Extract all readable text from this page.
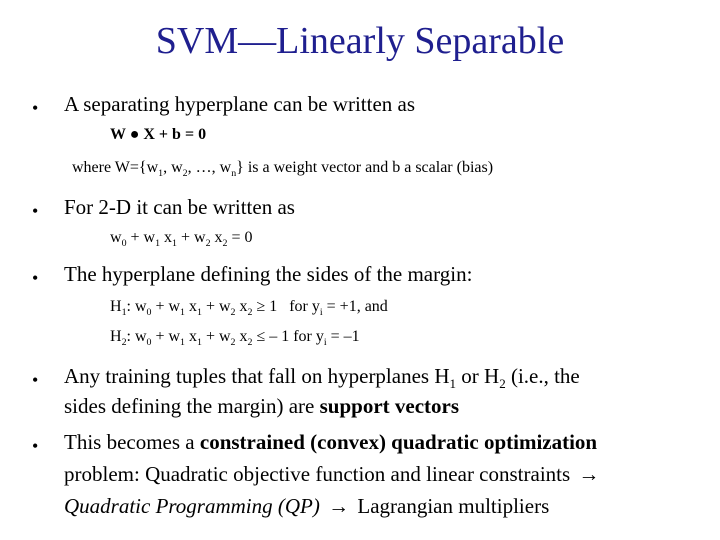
SVM—Linearly Separable
• A separating hyperplane can be written as
W ● X + b = 0
where $W=\{w_1$, $w_2$, …, $w_n$} is a weight vector and b a scalar (bias)
• For 2-D it can be written as
$w_0 + w_1$ $x_1 + w_2$ $x_2 = 0$
• The hyperplane defining the sides of the margin:
$H_1$: $w_0 + w_1$ $x_1 + w_2$ $x_2 \ge 1$   for $y_i = +1$, and
$H_2$: $w_0 + w_1$ $x_1 + w_2$ $x_2$ ≤ – 1 for $y_i = -1$
• Any training tuples that fall on hyperplanes $H_1$ or $H_2$ (i.e., the
sides defining the margin) are support vectors
• This becomes a constrained (convex) quadratic optimization
problem: Quadratic objective function and linear constraints →
Quadratic Programming (QP) → Lagrangian multipliers
